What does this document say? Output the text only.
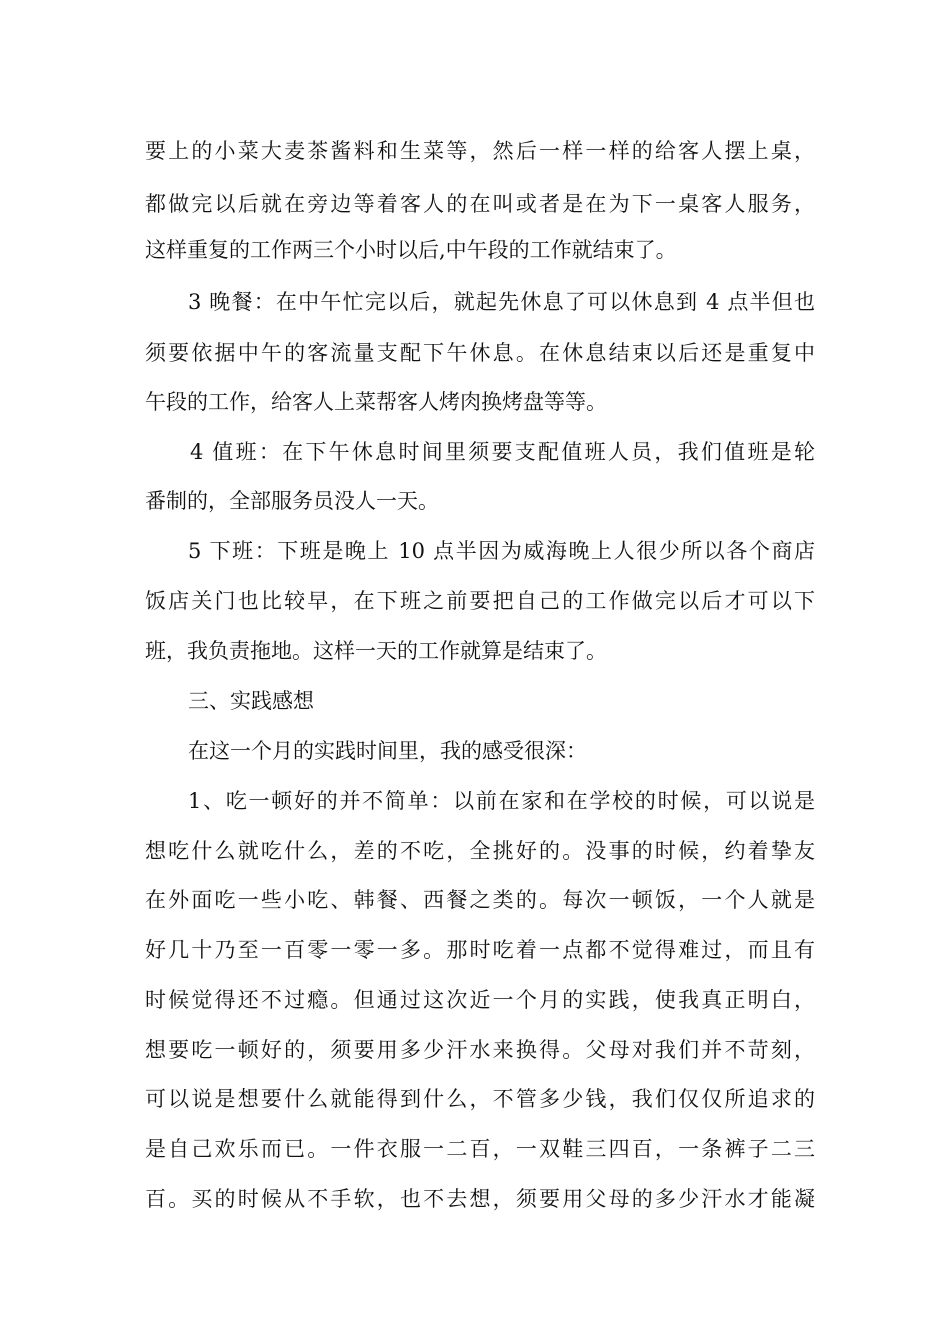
要上的小菜大麦茶酱料和生菜等，然后一样一样的给客人摆上桌，

都做完以后就在旁边等着客人的在叫或者是在为下一桌客人服务，

这样重复的工作两三个小时以后,中午段的工作就结束了。

3 晚餐：在中午忙完以后，就起先休息了可以休息到 4 点半但也

须要依据中午的客流量支配下午休息。在休息结束以后还是重复中

午段的工作，给客人上菜帮客人烤肉换烤盘等等。

4 值班：在下午休息时间里须要支配值班人员，我们值班是轮

番制的，全部服务员没人一天。

5 下班：下班是晚上 10 点半因为威海晚上人很少所以各个商店

饭店关门也比较早，在下班之前要把自己的工作做完以后才可以下

班，我负责拖地。这样一天的工作就算是结束了。

三、实践感想

在这一个月的实践时间里，我的感受很深：

1、吃一顿好的并不简单：以前在家和在学校的时候，可以说是

想吃什么就吃什么，差的不吃，全挑好的。没事的时候，约着挚友

在外面吃一些小吃、韩餐、西餐之类的。每次一顿饭，一个人就是

好几十乃至一百零一零一多。那时吃着一点都不觉得难过，而且有

时候觉得还不过瘾。但通过这次近一个月的实践，使我真正明白，

想要吃一顿好的，须要用多少汗水来换得。父母对我们并不苛刻，

可以说是想要什么就能得到什么，不管多少钱，我们仅仅所追求的

是自己欢乐而已。一件衣服一二百，一双鞋三四百，一条裤子二三

百。买的时候从不手软，也不去想，须要用父母的多少汗水才能凝
